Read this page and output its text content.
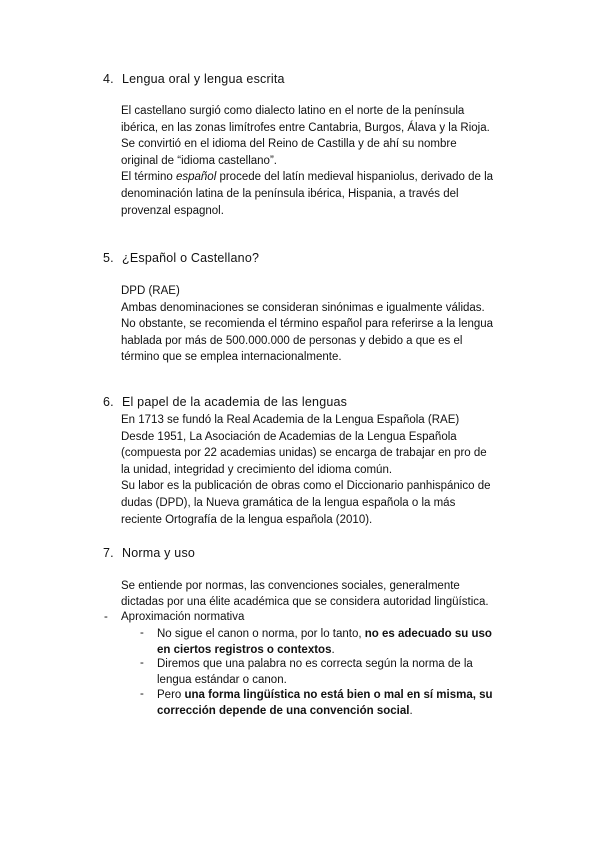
4. Lengua oral y lengua escrita
El castellano surgió como dialecto latino en el norte de la península
ibérica, en las zonas limítrofes entre Cantabria, Burgos, Álava y la Rioja.
Se convirtió en el idioma del Reino de Castilla y de ahí su nombre
original de “idioma castellano”.
El término español procede del latín medieval hispaniolus, derivado de la
denominación latina de la península ibérica, Hispania, a través del
provenzal espagnol.
5. ¿Español o Castellano?
DPD (RAE)
Ambas denominaciones se consideran sinónimas e igualmente válidas.
No obstante, se recomienda el término español para referirse a la lengua
hablada por más de 500.000.000 de personas y debido a que es el
término que se emplea internacionalmente.
6. El papel de la academia de las lenguas
En 1713 se fundó la Real Academia de la Lengua Española (RAE)
Desde 1951, La Asociación de Academias de la Lengua Española
(compuesta por 22 academias unidas) se encarga de trabajar en pro de
la unidad, integridad y crecimiento del idioma común.
Su labor es la publicación de obras como el Diccionario panhispánico de
dudas (DPD), la Nueva gramática de la lengua española o la más
reciente Ortografía de la lengua española (2010).
7. Norma y uso
Se entiende por normas, las convenciones sociales, generalmente
dictadas por una élite académica que se considera autoridad lingüística.
- Aproximación normativa
- No sigue el canon o norma, por lo tanto, no es adecuado su uso
en ciertos registros o contextos.
- Diremos que una palabra no es correcta según la norma de la
lengua estándar o canon.
- Pero una forma lingüística no está bien o mal en sí misma, su
corrección depende de una convención social.
